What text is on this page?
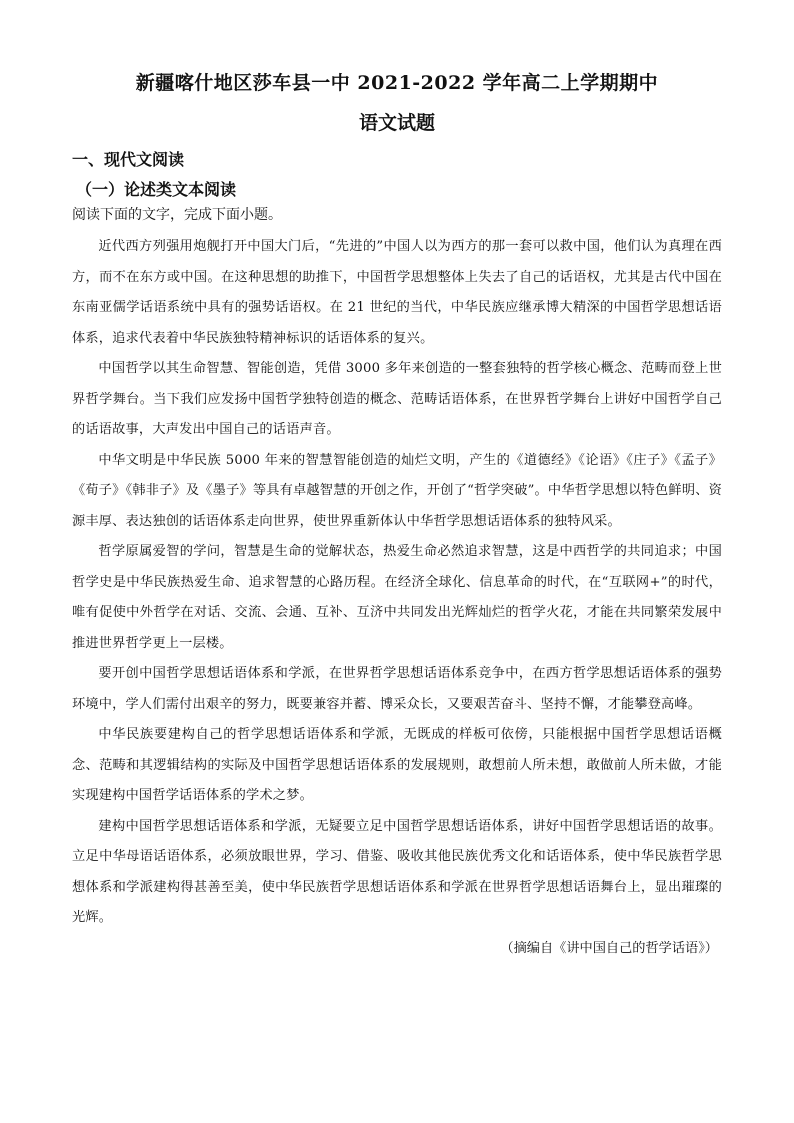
新疆喀什地区莎车县一中 2021-2022 学年高二上学期期中
语文试题
一、现代文阅读
（一）论述类文本阅读
阅读下面的文字，完成下面小题。

近代西方列强用炮舰打开中国大门后，“先进的”中国人以为西方的那一套可以救中国，他们认为真理在西方，而不在东方或中国。在这种思想的助推下，中国哲学思想整体上失去了自己的话语权，尤其是古代中国在东南亚儒学话语系统中具有的强势话语权。在 21 世纪的当代，中华民族应继承博大精深的中国哲学思想话语体系，追求代表着中华民族独特精神标识的话语体系的复兴。

中国哲学以其生命智慧、智能创造，凭借 3000 多年来创造的一整套独特的哲学核心概念、范畴而登上世界哲学舞台。当下我们应发扬中国哲学独特创造的概念、范畴话语体系，在世界哲学舞台上讲好中国哲学自己的话语故事，大声发出中国自己的话语声音。

中华文明是中华民族 5000 年来的智慧智能创造的灿烂文明，产生的《道德经》《论语》《庄子》《孟子》《荀子》《韩非子》及《墨子》等具有卓越智慧的开创之作，开创了“哲学突破”。中华哲学思想以特色鲜明、资源丰厚、表达独创的话语体系走向世界，使世界重新体认中华哲学思想话语体系的独特风采。

哲学原属爱智的学问，智慧是生命的觉解状态，热爱生命必然追求智慧，这是中西哲学的共同追求；中国哲学史是中华民族热爱生命、追求智慧的心路历程。在经济全球化、信息革命的时代，在“互联网+”的时代，唯有促使中外哲学在对话、交流、会通、互补、互济中共同发出光辉灿烂的哲学火花，才能在共同繁荣发展中推进世界哲学更上一层楼。

要开创中国哲学思想话语体系和学派，在世界哲学思想话语体系竞争中，在西方哲学思想话语体系的强势环境中，学人们需付出艰辛的努力，既要兼容并蓄、博采众长，又要艰苦奋斗、坚持不懈，才能攀登高峰。

中华民族要建构自己的哲学思想话语体系和学派，无既成的样板可依傍，只能根据中国哲学思想话语概念、范畴和其逻辑结构的实际及中国哲学思想话语体系的发展规则，敢想前人所未想，敢做前人所未做，才能实现建构中国哲学话语体系的学术之梦。

建构中国哲学思想话语体系和学派，无疑要立足中国哲学思想话语体系，讲好中国哲学思想话语的故事。立足中华母语话语体系，必须放眼世界，学习、借鉴、吸收其他民族优秀文化和话语体系，使中华民族哲学思想体系和学派建构得甚善至美，使中华民族哲学思想话语体系和学派在世界哲学思想话语舞台上，显出璀璨的光辉。

（摘编自《讲中国自己的哲学话语》）
